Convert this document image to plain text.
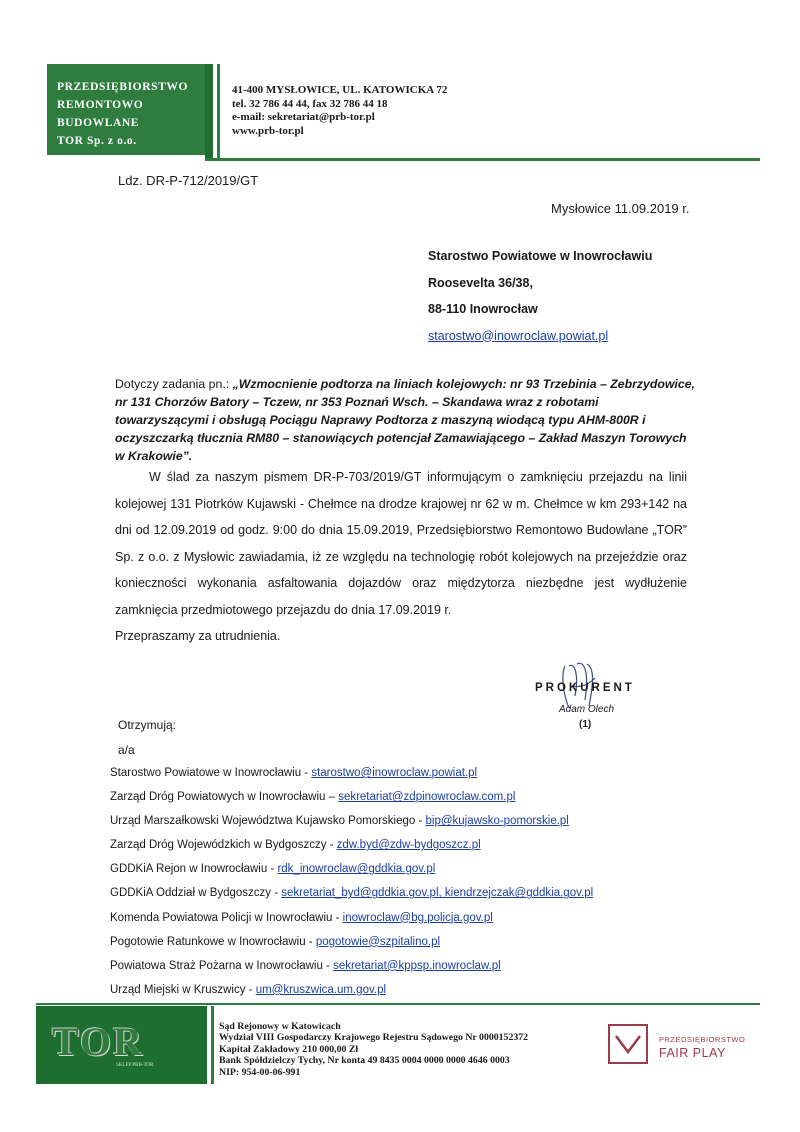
PRZEDSIĘBIORSTWO
REMONTOWO
BUDOWLANE
TOR Sp. z o.o.
41-400 MYSŁOWICE, UL. KATOWICKA 72
tel. 32 786 44 44, fax 32 786 44 18
e-mail: sekretariat@prb-tor.pl
www.prb-tor.pl
Ldz. DR-P-712/2019/GT
Mysłowice 11.09.2019 r.
Starostwo Powiatowe w Inowrocławiu
Roosevelta 36/38,
88-110 Inowrocław
starostwo@inowroclaw.powiat.pl
Dotyczy zadania pn.: „Wzmocnienie podtorza na liniach kolejowych: nr 93 Trzebinia – Zebrzydowice, nr 131 Chorzów Batory – Tczew, nr 353 Poznań Wsch. – Skandawa wraz z robotami towarzyszącymi i obsługą Pociągu Naprawy Podtorza z maszyną wiodącą typu AHM-800R i oczyszczarką tłucznia RM80 – stanowiących potencjał Zamawiającego – Zakład Maszyn Torowych w Krakowie”.

W ślad za naszym pismem DR-P-703/2019/GT informującym o zamknięciu przejazdu na linii kolejowej 131 Piotrków Kujawski - Chełmce na drodze krajowej nr 62 w m. Chełmce w km 293+142 na dni od 12.09.2019 od godz. 9:00 do dnia 15.09.2019, Przedsiębiorstwo Remontowo Budowlane „TOR” Sp. z o.o. z Mysłowic zawiadamia, iż ze względu na technologię robót kolejowych na przejeździe oraz konieczności wykonania asfaltowania dojazdów oraz międzytorza niezbędne jest wydłużenie zamknięcia przedmiotowego przejazdu do dnia 17.09.2019 r.

Przepraszamy za utrudnienia.

PROKURENT
Adam Olech
(1)
Otrzymują:
a/a
Starostwo Powiatowe w Inowrocławiu - starostwo@inowroclaw.powiat.pl
Zarząd Dróg Powiatowych w Inowrocławiu – sekretariat@zdpinowroclaw.com.pl
Urząd Marszałkowski Województwa Kujawsko Pomorskiego - bip@kujawsko-pomorskie.pl
Zarząd Dróg Wojewódzkich w Bydgoszczy - zdw.byd@zdw-bydgoszcz.pl
GDDKiA Rejon w Inowrocławiu - rdk_inowroclaw@gddkia.gov.pl
GDDKiA Oddział w Bydgoszczy - sekretariat_byd@gddkia.gov.pl, kiendrzejczak@gddkia.gov.pl
Komenda Powiatowa Policji w Inowrocławiu - inowroclaw@bg.policja.gov.pl
Pogotowie Ratunkowe w Inowrocławiu - pogotowie@szpitalino.pl
Powiatowa Straż Pożarna w Inowrocławiu - sekretariat@kppsp.inowroclaw.pl
Urząd Miejski w Kruszwicy - um@kruszwica.um.gov.pl
TOR
SKLEP PRB-TOR
Sąd Rejonowy w Katowicach
Wydział VIII Gospodarczy Krajowego Rejestru Sądowego Nr 0000152372
Kapitał Zakładowy 210 000,00 Zł
Bank Spółdzielczy Tychy, Nr konta 49 8435 0004 0000 0000 4646 0003
NIP: 954-00-06-991
PRZEDSIĘBIORSTWO
FAIR PLAY
